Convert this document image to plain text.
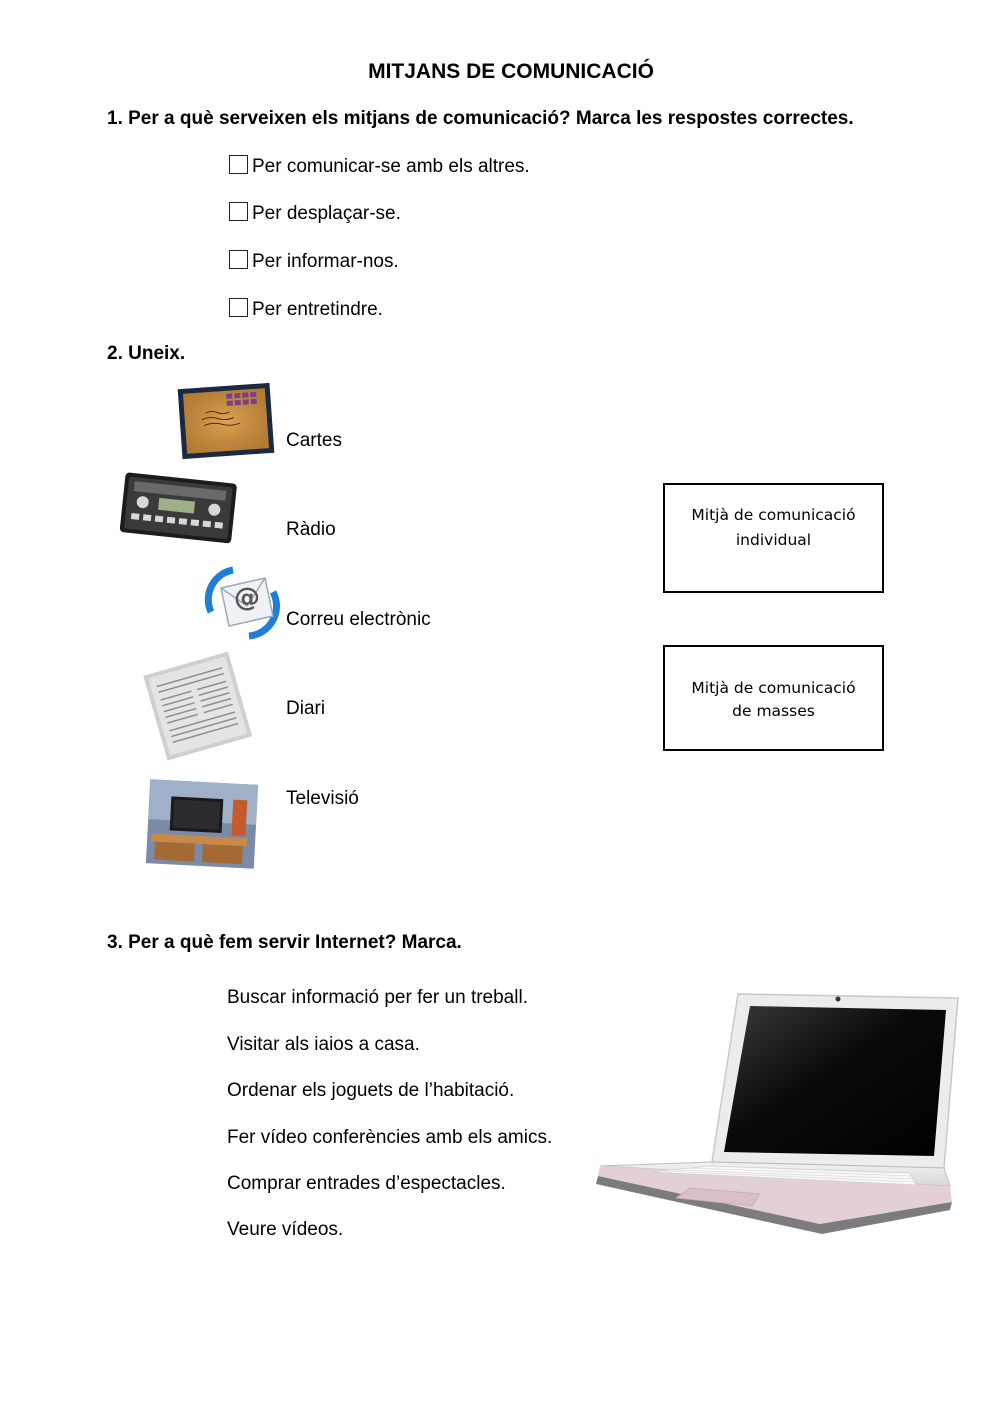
MITJANS DE COMUNICACIÓ
1. Per a què serveixen els mitjans de comunicació? Marca les respostes correctes.
Per comunicar-se amb els altres.
Per desplaçar-se.
Per informar-nos.
Per entretindre.
2. Uneix.
Cartes
Ràdio
@
Correu electrònic
Diari
Televisió
Mitjà de comunicació
individual
Mitjà de comunicació
de masses
3. Per a què fem servir Internet? Marca.
Buscar informació per fer un treball.
Visitar als iaios a casa.
Ordenar els joguets de l’habitació.
Fer vídeo conferències amb els amics.
Comprar entrades d’espectacles.
Veure vídeos.
